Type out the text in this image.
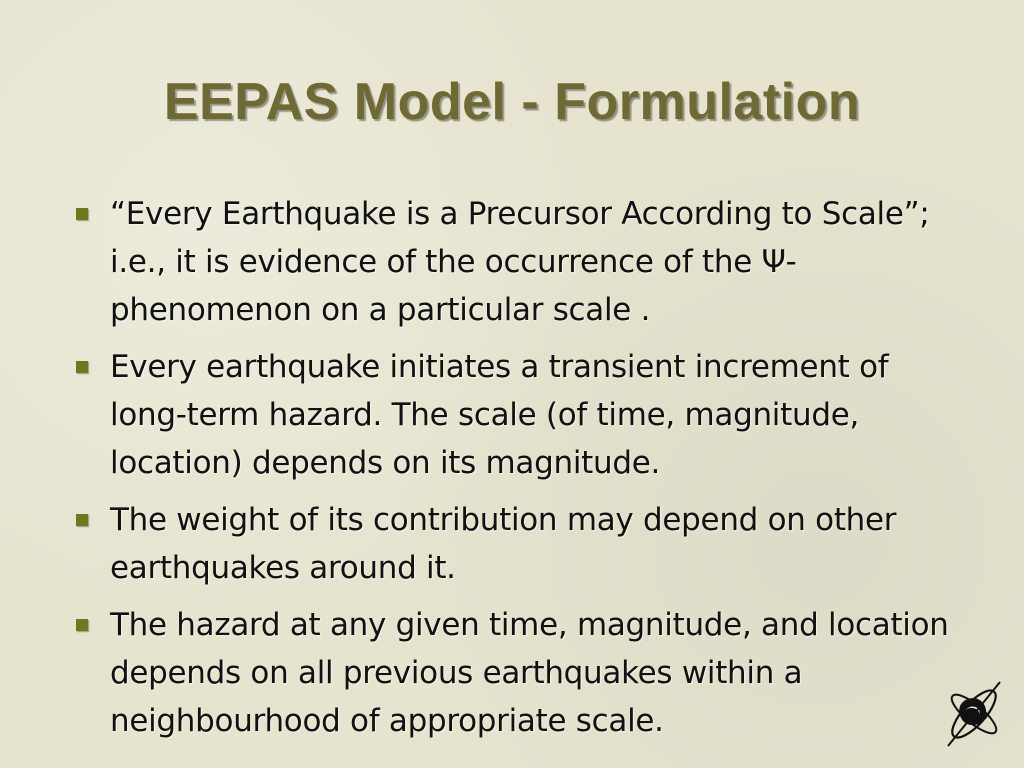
EEPAS Model - Formulation
“Every Earthquake is a Precursor According to Scale”; i.e., it is evidence of the occurrence of the Ψ-phenomenon on a particular scale .
Every earthquake initiates a transient increment of long-term hazard. The scale (of time, magnitude, location) depends on its magnitude.
The weight of its contribution may depend on other earthquakes around it.
The hazard at any given time, magnitude, and location depends on all previous earthquakes within a neighbourhood of appropriate scale.
